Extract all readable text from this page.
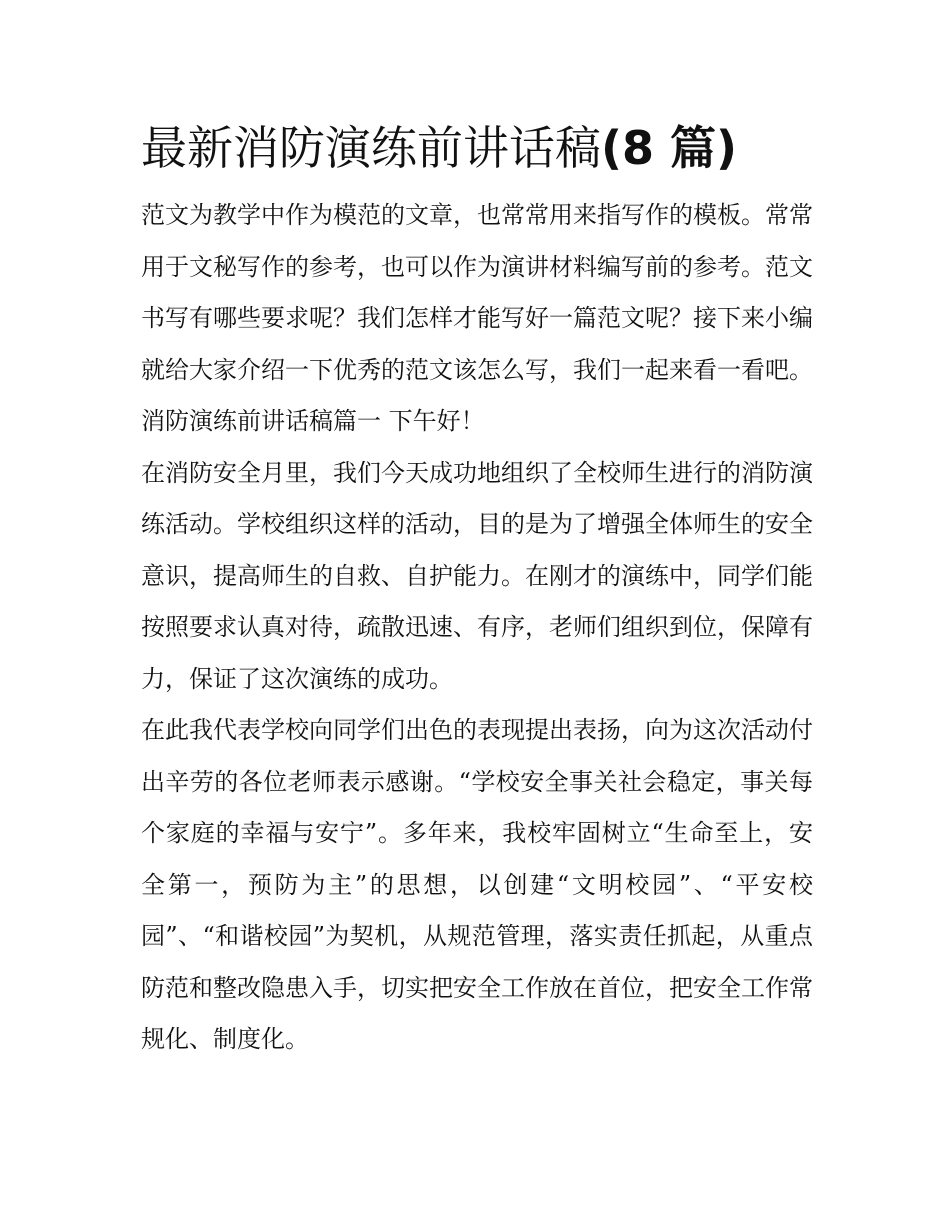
最新消防演练前讲话稿(8 篇)

范文为教学中作为模范的文章，也常常用来指写作的模板。常常用于文秘写作的参考，也可以作为演讲材料编写前的参考。范文书写有哪些要求呢？我们怎样才能写好一篇范文呢？接下来小编就给大家介绍一下优秀的范文该怎么写，我们一起来看一看吧。

消防演练前讲话稿篇一 下午好！

在消防安全月里，我们今天成功地组织了全校师生进行的消防演练活动。学校组织这样的活动，目的是为了增强全体师生的安全意识，提高师生的自救、自护能力。在刚才的演练中，同学们能按照要求认真对待，疏散迅速、有序，老师们组织到位，保障有力，保证了这次演练的成功。

在此我代表学校向同学们出色的表现提出表扬，向为这次活动付出辛劳的各位老师表示感谢。“学校安全事关社会稳定，事关每个家庭的幸福与安宁”。多年来，我校牢固树立“生命至上，安全第一，预防为主”的思想，以创建“文明校园”、“平安校园”、“和谐校园”为契机，从规范管理，落实责任抓起，从重点防范和整改隐患入手，切实把安全工作放在首位，把安全工作常规化、制度化。
